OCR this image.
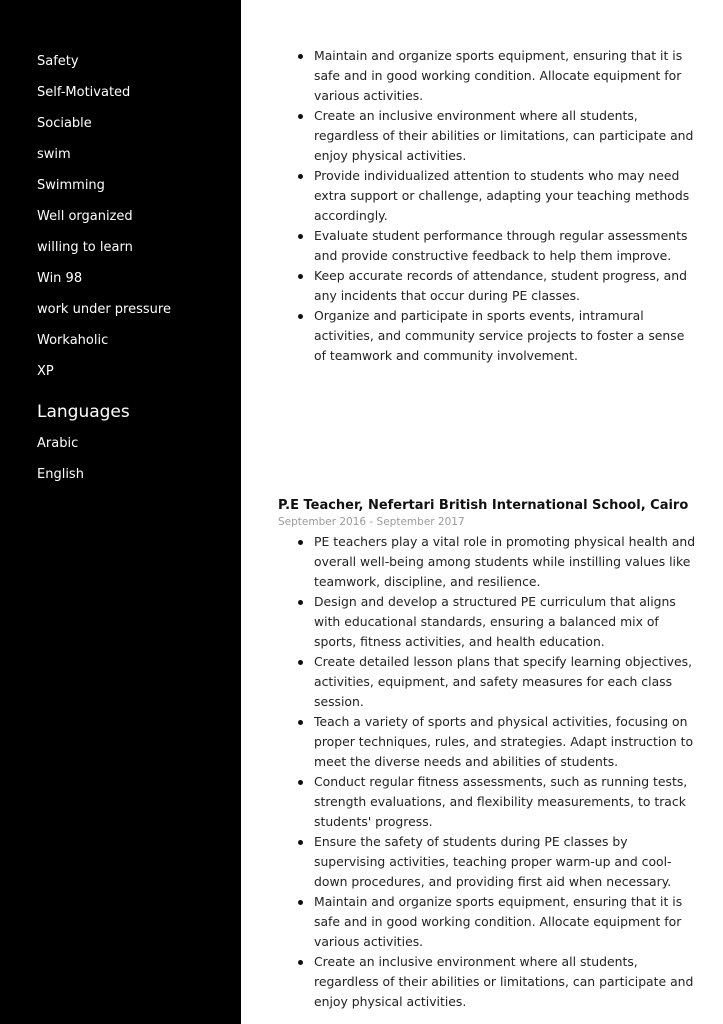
Safety
Self-Motivated
Sociable
swim
Swimming
Well organized
willing to learn
Win 98
work under pressure
Workaholic
XP
Languages
Arabic
English
Maintain and organize sports equipment, ensuring that it is safe and in good working condition. Allocate equipment for various activities.
Create an inclusive environment where all students, regardless of their abilities or limitations, can participate and enjoy physical activities.
Provide individualized attention to students who may need extra support or challenge, adapting your teaching methods accordingly.
Evaluate student performance through regular assessments and provide constructive feedback to help them improve.
Keep accurate records of attendance, student progress, and any incidents that occur during PE classes.
Organize and participate in sports events, intramural activities, and community service projects to foster a sense of teamwork and community involvement.
P.E Teacher, Nefertari British International School, Cairo

September 2016 - September 2017

PE teachers play a vital role in promoting physical health and overall well-being among students while instilling values like teamwork, discipline, and resilience.
Design and develop a structured PE curriculum that aligns with educational standards, ensuring a balanced mix of sports, fitness activities, and health education.
Create detailed lesson plans that specify learning objectives, activities, equipment, and safety measures for each class session.
Teach a variety of sports and physical activities, focusing on proper techniques, rules, and strategies. Adapt instruction to meet the diverse needs and abilities of students.
Conduct regular fitness assessments, such as running tests, strength evaluations, and flexibility measurements, to track students' progress.
Ensure the safety of students during PE classes by supervising activities, teaching proper warm-up and cool-down procedures, and providing first aid when necessary.
Maintain and organize sports equipment, ensuring that it is safe and in good working condition. Allocate equipment for various activities.
Create an inclusive environment where all students, regardless of their abilities or limitations, can participate and enjoy physical activities.
